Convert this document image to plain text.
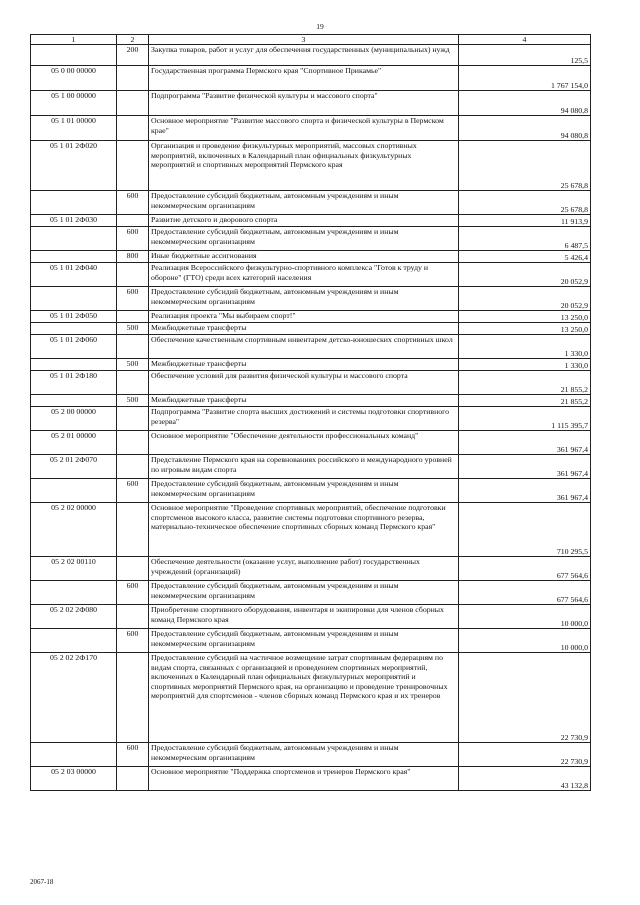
19
1	2	3	4
	200	Закупка товаров, работ и услуг для обеспечения государственных (муниципальных) нужд	125,5
05 0 00 00000		Государственная программа Пермского края "Спортивное Прикамье"	1 767 154,0
05 1 00 00000		Подпрограмма "Развитие физической культуры и массового спорта"	94 080,8
05 1 01 00000		Основное мероприятие "Развитие массового спорта и физической культуры в Пермском крае"	94 080,8
05 1 01 2Ф020		Организация и проведение физкультурных мероприятий, массовых спортивных мероприятий, включенных в Календарный план официальных физкультурных мероприятий и спортивных мероприятий Пермского края	25 678,8
	600	Предоставление субсидий бюджетным, автономным учреждениям и иным некоммерческим организациям	25 678,8
05 1 01 2Ф030		Развитие детского и дворового спорта	11 913,9
	600	Предоставление субсидий бюджетным, автономным учреждениям и иным некоммерческим организациям	6 487,5
	800	Иные бюджетные ассигнования	5 426,4
05 1 01 2Ф040		Реализация Всероссийского физкультурно-спортивного комплекса "Готов к труду и обороне" (ГТО) среди всех категорий населения	20 052,9
	600	Предоставление субсидий бюджетным, автономным учреждениям и иным некоммерческим организациям	20 052,9
05 1 01 2Ф050		Реализация проекта "Мы выбираем спорт!"	13 250,0
	500	Межбюджетные трансферты	13 250,0
05 1 01 2Ф060		Обеспечение качественным спортивным инвентарем детско-юношеских спортивных школ	1 330,0
	500	Межбюджетные трансферты	1 330,0
05 1 01 2Ф180		Обеспечение условий для развития физической культуры и массового спорта	21 855,2
	500	Межбюджетные трансферты	21 855,2
05 2 00 00000		Подпрограмма "Развитие спорта высших достижений и системы подготовки спортивного резерва"	1 115 395,7
05 2 01 00000		Основное мероприятие "Обеспечение деятельности профессиональных команд"	361 967,4
05 2 01 2Ф070		Представление Пермского края на соревнованиях российского и международного уровней по игровым видам спорта	361 967,4
	600	Предоставление субсидий бюджетным, автономным учреждениям и иным некоммерческим организациям	361 967,4
05 2 02 00000		Основное мероприятие "Проведение спортивных мероприятий, обеспечение подготовки спортсменов высокого класса, развитие системы подготовки спортивного резерва, материально-техническое обеспечение спортивных сборных команд Пермского края"	710 295,5
05 2 02 00110		Обеспечение деятельности (оказание услуг, выполнение работ) государственных учреждений (организаций)	677 564,6
	600	Предоставление субсидий бюджетным, автономным учреждениям и иным некоммерческим организациям	677 564,6
05 2 02 2Ф080		Приобретение спортивного оборудования, инвентаря и экипировки для членов сборных команд Пермского края	10 000,0
	600	Предоставление субсидий бюджетным, автономным учреждениям и иным некоммерческим организациям	10 000,0
05 2 02 2Ф170		Предоставление субсидий на частичное возмещение затрат спортивным федерациям по видам спорта, связанных с организацией и проведением спортивных мероприятий, включенных в Календарный план официальных физкультурных мероприятий и спортивных мероприятий Пермского края, на организацию и проведение тренировочных мероприятий для спортсменов - членов сборных команд Пермского края и их тренеров	22 730,9
	600	Предоставление субсидий бюджетным, автономным учреждениям и иным некоммерческим организациям	22 730,9
05 2 03 00000		Основное мероприятие "Поддержка спортсменов и тренеров Пермского края"	43 132,8
2067-18
